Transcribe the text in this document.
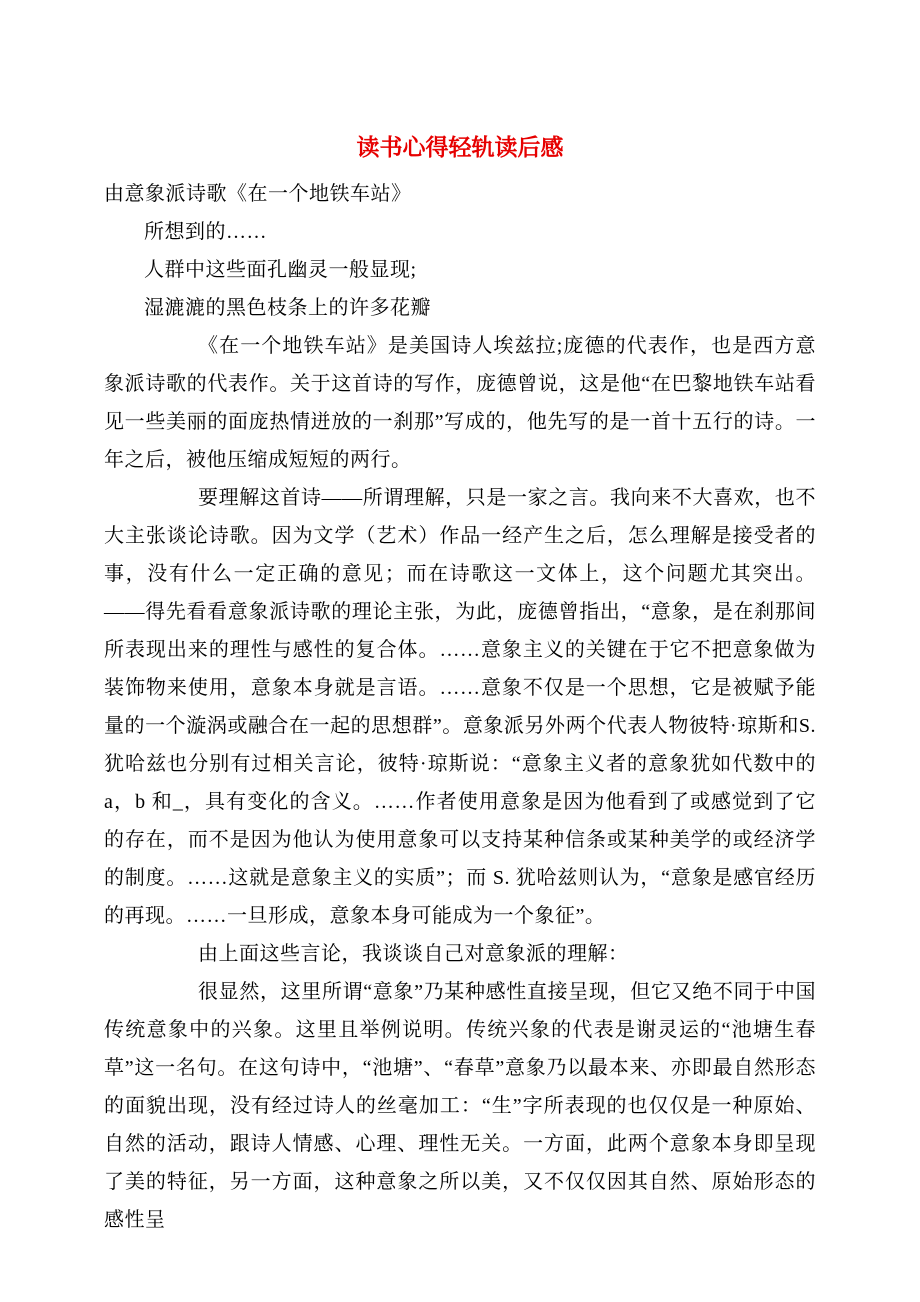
读书心得轻轨读后感

由意象派诗歌《在一个地铁车站》

所想到的……

人群中这些面孔幽灵一般显现;

湿漉漉的黑色枝条上的许多花瓣

《在一个地铁车站》是美国诗人埃兹拉;庞德的代表作，也是西方意象派诗歌的代表作。关于这首诗的写作，庞德曾说，这是他“在巴黎地铁车站看见一些美丽的面庞热情迸放的一刹那”写成的，他先写的是一首十五行的诗。一年之后，被他压缩成短短的两行。

要理解这首诗——所谓理解，只是一家之言。我向来不大喜欢，也不大主张谈论诗歌。因为文学（艺术）作品一经产生之后，怎么理解是接受者的事，没有什么一定正确的意见；而在诗歌这一文体上，这个问题尤其突出。——得先看看意象派诗歌的理论主张，为此，庞德曾指出，“意象，是在刹那间所表现出来的理性与感性的复合体。……意象主义的关键在于它不把意象做为装饰物来使用，意象本身就是言语。……意象不仅是一个思想，它是被赋予能量的一个漩涡或融合在一起的思想群”。意象派另外两个代表人物彼特·琼斯和S. 犹哈兹也分别有过相关言论，彼特·琼斯说：“意象主义者的意象犹如代数中的a，b 和_，具有变化的含义。……作者使用意象是因为他看到了或感觉到了它的存在，而不是因为他认为使用意象可以支持某种信条或某种美学的或经济学的制度。……这就是意象主义的实质”；而 S. 犹哈兹则认为，“意象是感官经历的再现。……一旦形成，意象本身可能成为一个象征”。

由上面这些言论，我谈谈自己对意象派的理解：

很显然，这里所谓“意象”乃某种感性直接呈现，但它又绝不同于中国传统意象中的兴象。这里且举例说明。传统兴象的代表是谢灵运的“池塘生春草”这一名句。在这句诗中，“池塘”、“春草”意象乃以最本来、亦即最自然形态的面貌出现，没有经过诗人的丝毫加工：“生”字所表现的也仅仅是一种原始、自然的活动，跟诗人情感、心理、理性无关。一方面，此两个意象本身即呈现了美的特征，另一方面，这种意象之所以美，又不仅仅因其自然、原始形态的感性呈
